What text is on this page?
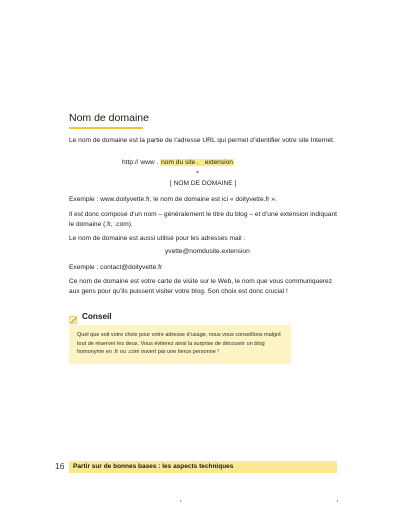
Nom de domaine
Le nom de domaine est la partie de l’adresse URL qui permet d’identifier votre site Internet.
http:// www . nom du site . extension
=
[ NOM DE DOMAINE ]
Exemple : www.doityvette.fr, le nom de domaine est ici « doityvette.fr ».
Il est donc composé d’un nom – généralement le titre du blog – et d’une extension indiquant le domaine (.fr, .com).
Le nom de domaine est aussi utilisé pour les adresses mail :
yvette@nomdusite.extension
Exemple : contact@doityvette.fr
Ce nom de domaine est votre carte de visite sur le Web, le nom que vous communiquerez aux gens pour qu’ils puissent visiter votre blog. Son choix est donc crucial !
Conseil
Quel que soit votre choix pour votre adresse d’usage, nous vous conseillons malgré tout de réserver les deux. Vous éviterez ainsi la surprise de découvrir un blog homonyme en .fr ou .com ouvert par une tierce personne !
16 Partir sur de bonnes bases : les aspects techniques
